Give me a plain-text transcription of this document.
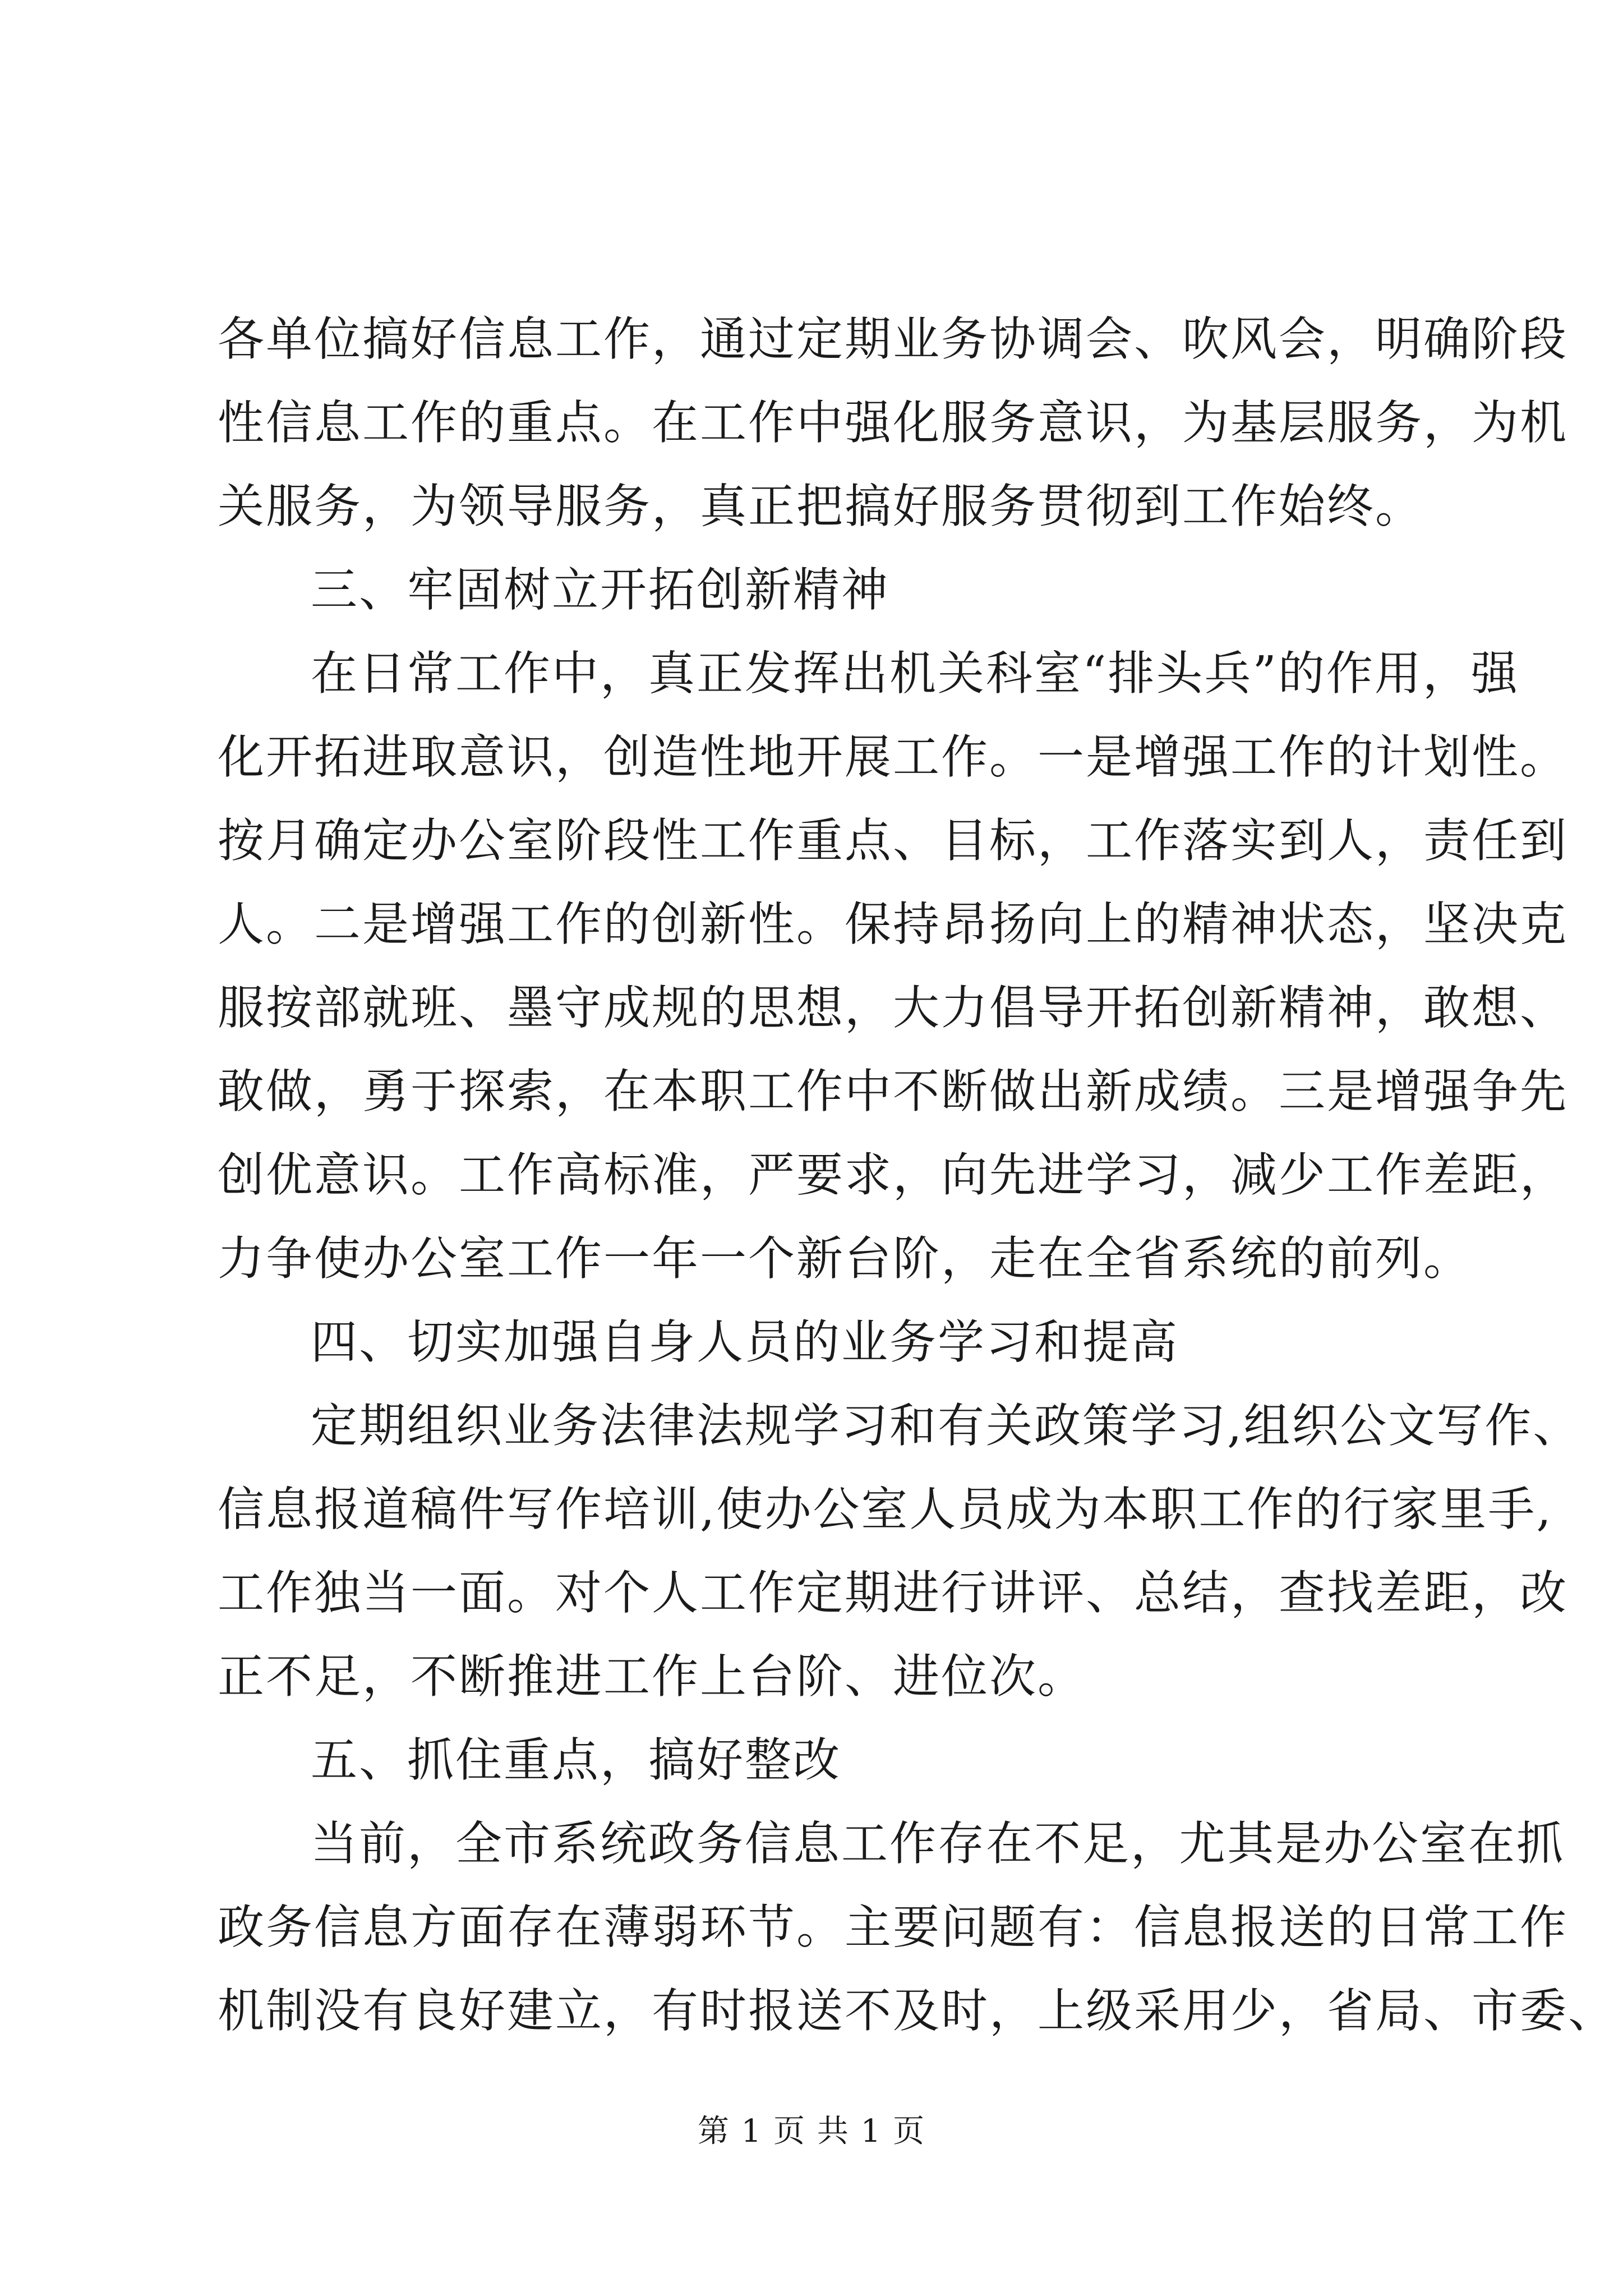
各单位搞好信息工作，通过定期业务协调会、吹风会，明确阶段
性信息工作的重点。在工作中强化服务意识，为基层服务，为机
关服务，为领导服务，真正把搞好服务贯彻到工作始终。
三、牢固树立开拓创新精神
在日常工作中，真正发挥出机关科室“排头兵”的作用，强
化开拓进取意识，创造性地开展工作。一是增强工作的计划性。
按月确定办公室阶段性工作重点、目标，工作落实到人，责任到
人。二是增强工作的创新性。保持昂扬向上的精神状态，坚决克
服按部就班、墨守成规的思想，大力倡导开拓创新精神，敢想、
敢做，勇于探索，在本职工作中不断做出新成绩。三是增强争先
创优意识。工作高标准，严要求，向先进学习，减少工作差距，
力争使办公室工作一年一个新台阶，走在全省系统的前列。
四、切实加强自身人员的业务学习和提高
定期组织业务法律法规学习和有关政策学习,组织公文写作、
信息报道稿件写作培训,使办公室人员成为本职工作的行家里手,
工作独当一面。对个人工作定期进行讲评、总结，查找差距，改
正不足，不断推进工作上台阶、进位次。
五、抓住重点，搞好整改
当前，全市系统政务信息工作存在不足，尤其是办公室在抓
政务信息方面存在薄弱环节。主要问题有：信息报送的日常工作
机制没有良好建立，有时报送不及时，上级采用少，省局、市委、
第 1 页 共 1 页
